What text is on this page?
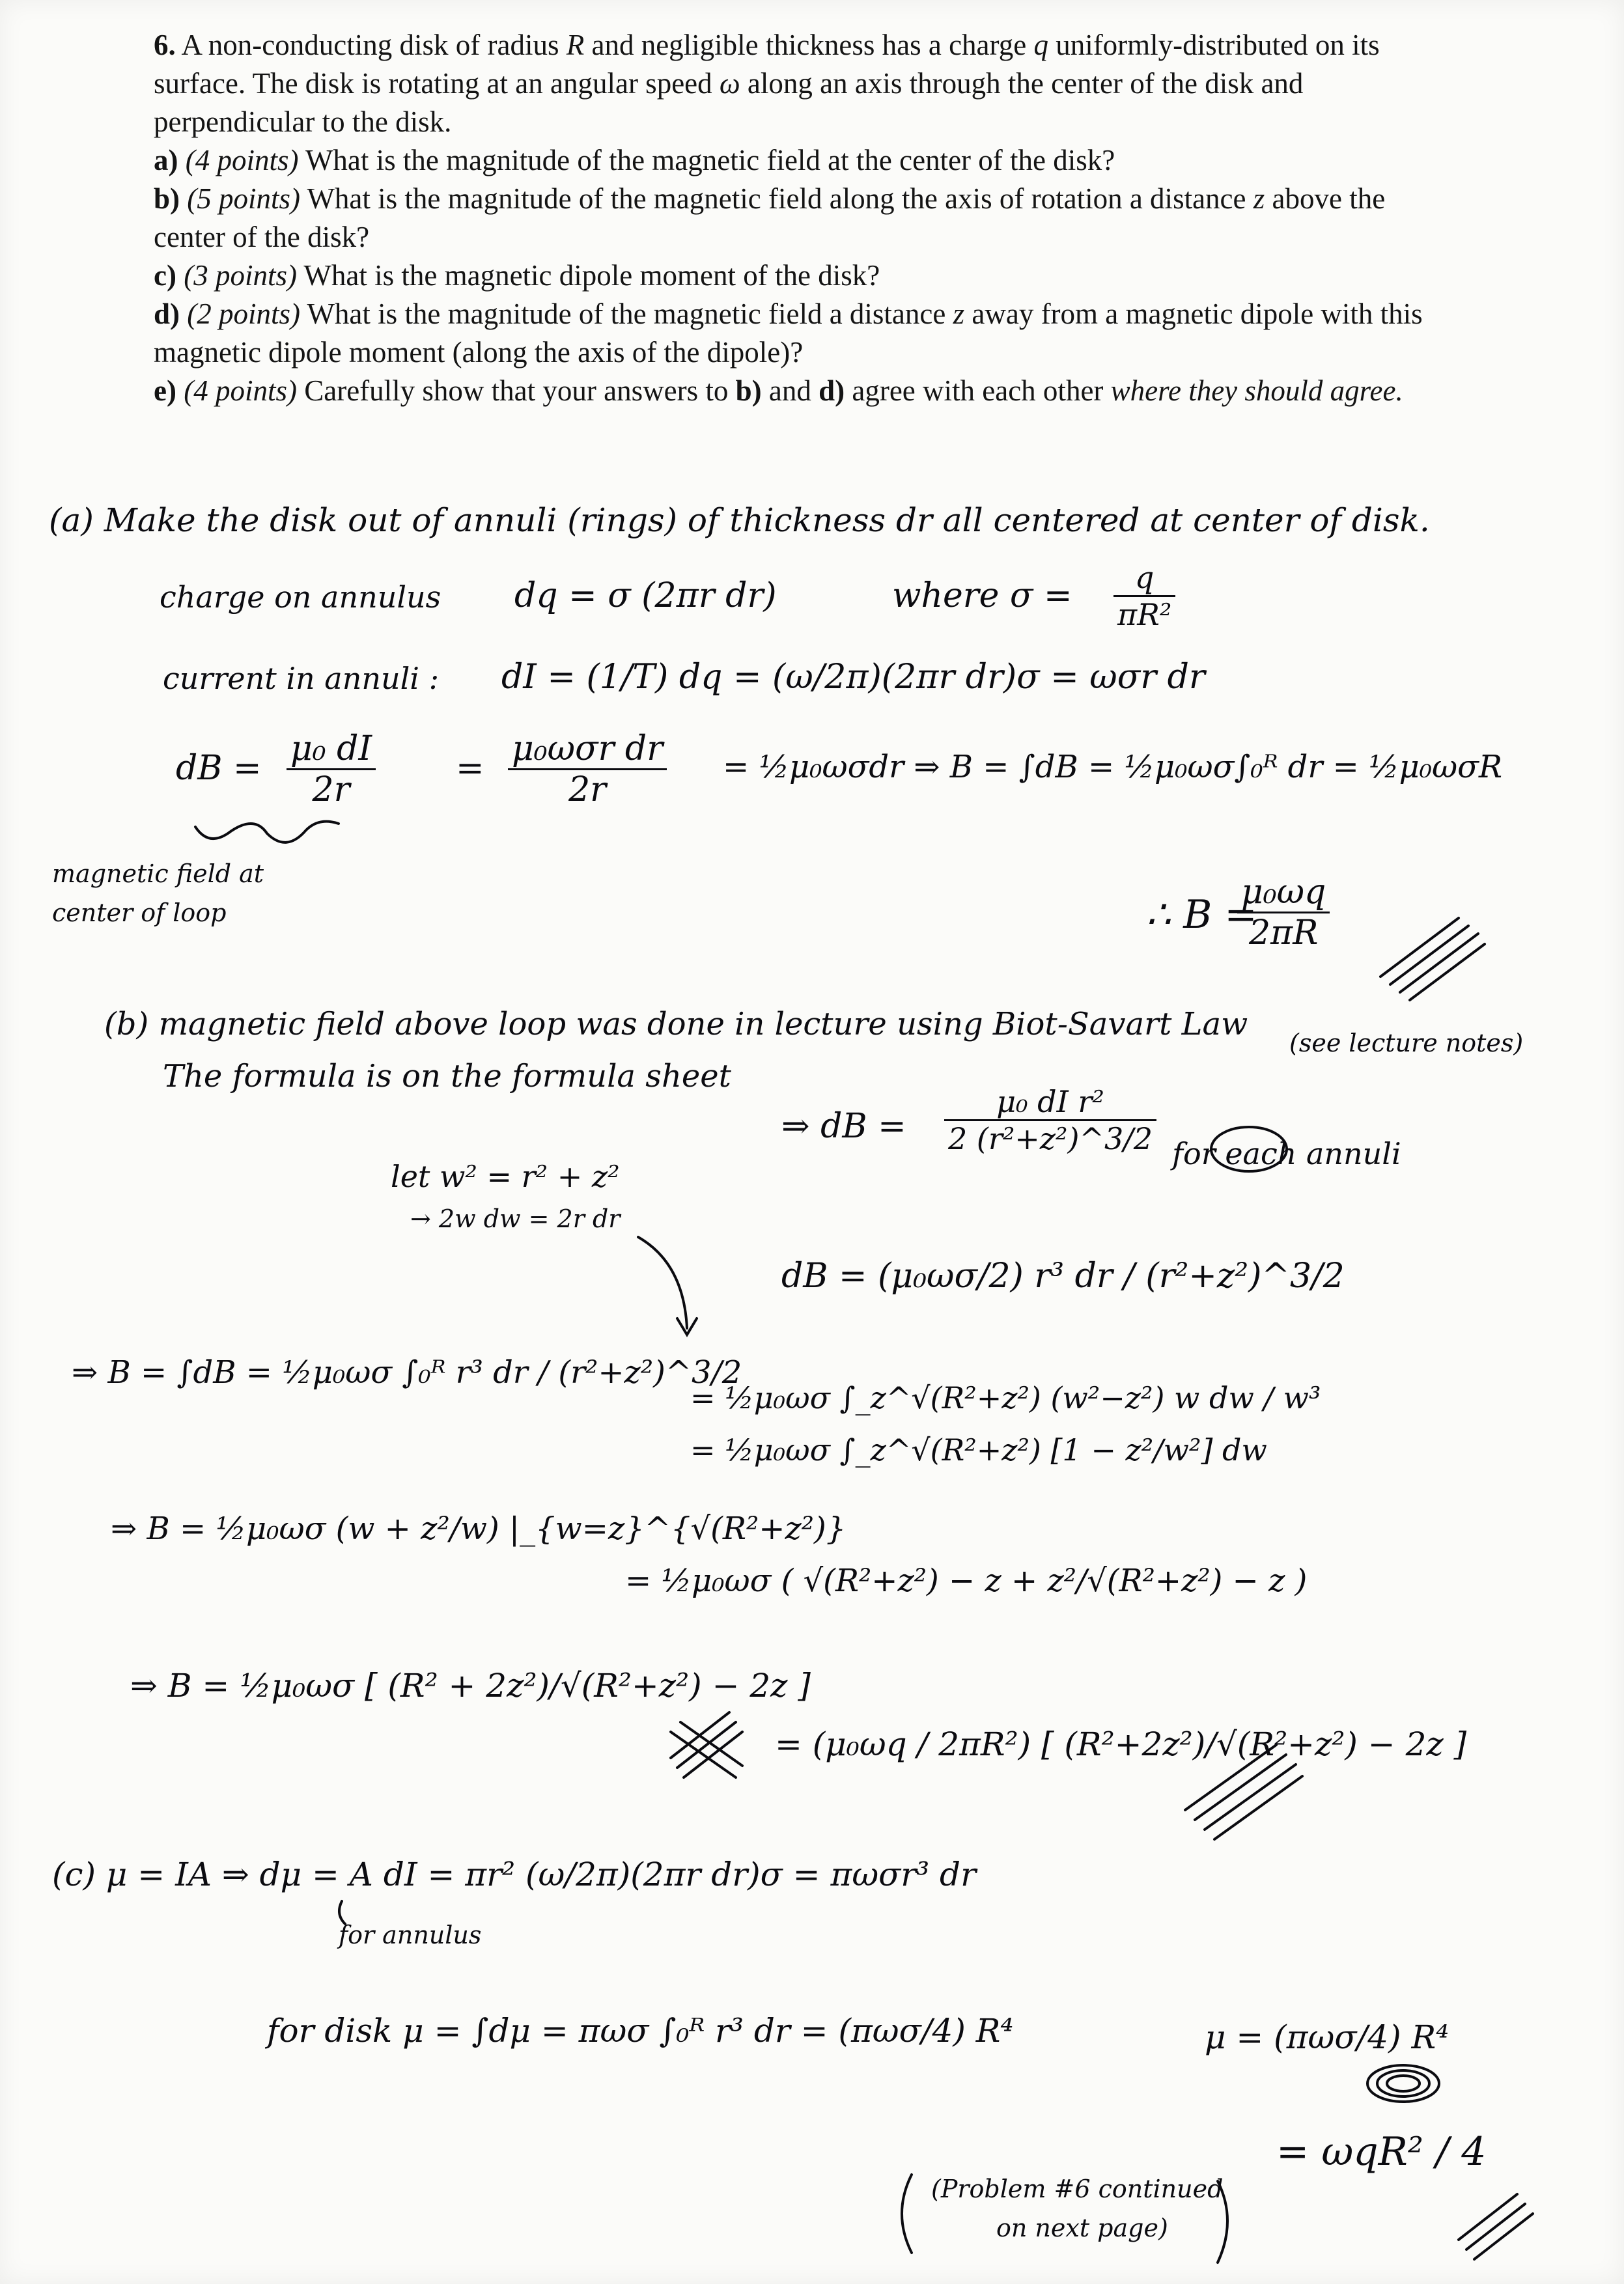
6. A non-conducting disk of radius R and negligible thickness has a charge q uniformly-distributed on its surface. The disk is rotating at an angular speed ω along an axis through the center of the disk and perpendicular to the disk.

a) (4 points) What is the magnitude of the magnetic field at the center of the disk?

b) (5 points) What is the magnitude of the magnetic field along the axis of rotation a distance z above the center of the disk?

c) (3 points) What is the magnetic dipole moment of the disk?

d) (2 points) What is the magnitude of the magnetic field a distance z away from a magnetic dipole with this magnetic dipole moment (along the axis of the dipole)?

e) (4 points) Carefully show that your answers to b) and d) agree with each other where they should agree.

(a) Make the disk out of annuli (rings) of thickness dr all centered at center of disk.
charge on annulus dq = σ (2πr dr)	where $\sigma = \frac{q}{\text{πR²}}$
current in annuli : dI = (1/T) dq = (ω/2π)(2πr dr)σ = ωσr dr
dB = $\frac{\text{μ₀ dI}}{2r} = \frac{\text{μ₀ωσr dr}}{2r}$ = ½μ₀ωσdr ⇒ B = ∫dB = ½μ₀ωσ∫₀ᴿ dr = ½μ₀ωσR
magnetic field at
center of loop	∴ B =
$\frac{\text{μ₀ωq}}{2\pi R}$
(b) magnetic field above loop was done in lecture using Biot-Savart Law
(see lecture notes)
The formula is on the formula sheet
⇒ dB = $\frac{\text{μ₀ dI r²}}{\text{2 (r²+z²)\textasciicircum{}3/2}}$ for each annuli
let w² = r² + z²
→ 2w dw = 2r dr
dB = (μ₀ωσ/2) r³ dr / (r²+z²)^3/2
⇒ B = ∫dB = ½μ₀ωσ ∫₀ᴿ r³ dr / (r²+z²)^3/2
= ½μ₀ωσ ∫_z^√(R²+z²) (w²−z²) w dw / w³
= ½μ₀ωσ ∫_z^√(R²+z²) [1 − z²/w²] dw
⇒ B = ½μ₀ωσ (w + z²/w) |_{w=z}^{√(R²+z²)}
= ½μ₀ωσ ( √(R²+z²) − z + z²/√(R²+z²) − z )
⇒ B = ½μ₀ωσ [ (R² + 2z²)/√(R²+z²) − 2z ]
= (μ₀ωq / 2πR²) [ (R²+2z²)/√(R²+z²) − 2z ]
(c) μ = IA ⇒ dμ = A dI = πr² (ω/2π)(2πr dr)σ = πωσr³ dr
for annulus
for disk μ = ∫dμ = πωσ ∫₀ᴿ r³ dr = (πωσ/4) R⁴	μ = (πωσ/4) R⁴
= ωqR² / 4
(Problem #6 continued
on next page)
